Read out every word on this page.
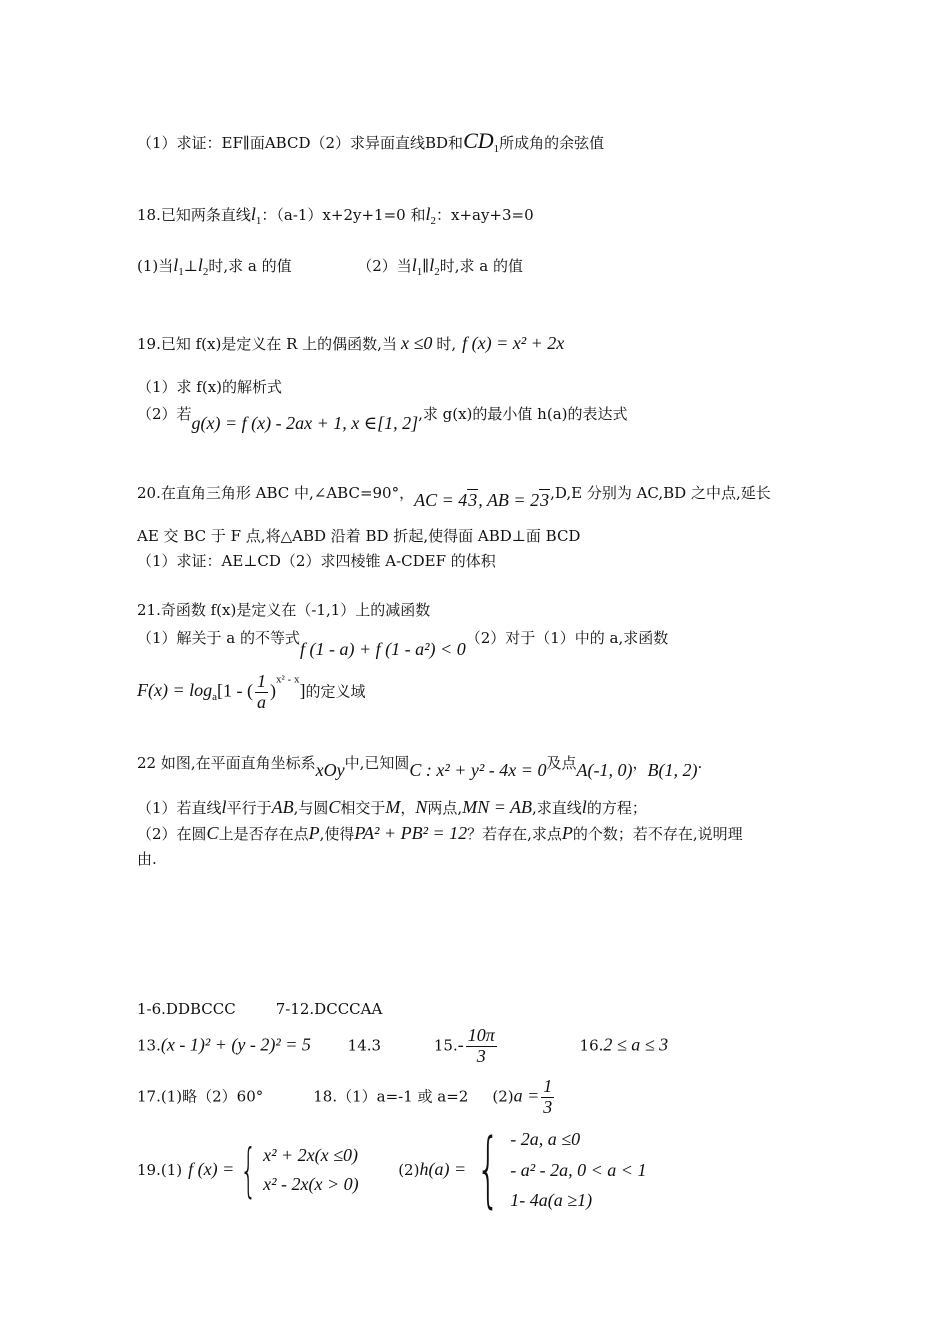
（1）求证：EF∥面ABCD（2）求异面直线BD和$CD_1$所成角的余弦值
18.已知两条直线$l_1$：（a-1）x+2y+1=0 和$l_2$：x+ay+3=0
(1)当$l_1\perp l_2$时,求 a 的值	（2）当$l_1\parallel l_2$时,求 a 的值
19.已知 f(x)是定义在 R 上的偶函数,当 x ≤0 时, f (x) = x² + 2x
（1）求 f(x)的解析式
（2）若g(x) = f (x) - 2ax + 1, x ∈[1, 2],求 g(x)的最小值 h(a)的表达式
20.在直角三角形 ABC 中,∠ABC=90°，AC = 43, AB = 23,D,E 分别为 AC,BD 之中点,延长
AE 交 BC 于 F 点,将△ABD 沿着 BD 折起,使得面 ABD⊥面 BCD
（1）求证：AE⊥CD（2）求四棱锥 A-CDEF 的体积
21.奇函数 f(x)是定义在（-1,1）上的减函数
（1）解关于 a 的不等式f (1 - a) + f (1 - a²) < 0（2）对于（1）中的 a,求函数
$F(x) = \log_a[1$ - ( $\frac{1}{a} )^{x^2 - x}$]的定义域
22 如图,在平面直角坐标系xOy中,已知圆C : x² + y² - 4x = 0及点A(-1, 0)，B(1, 2).
（1）若直线l平行于AB,与圆C相交于M，N两点,MN = AB,求直线l的方程；
（2）在圆C上是否存在点P,使得PA² + PB² = 12？若存在,求点P的个数；若不存在,说明理
由.
1-6.DDBCCC	7-12.DCCCAA
13.(x - 1)² + (y - 2)² = 5 14.3	$15.- \frac{10\pi}{3}$	16.2 ≤ a ≤ 3
17.(1)略（2）60°	18.（1）a=-1 或 a=2 $(2)a = \frac{1}{3}$
19.(1) f (x) = { x² + 2x(x ≤0)
x² - 2x(x > 0)
(2)h(a) = { - 2a, a ≤0
- a² - 2a, 0 < a < 1
1- 4a(a ≥1)
